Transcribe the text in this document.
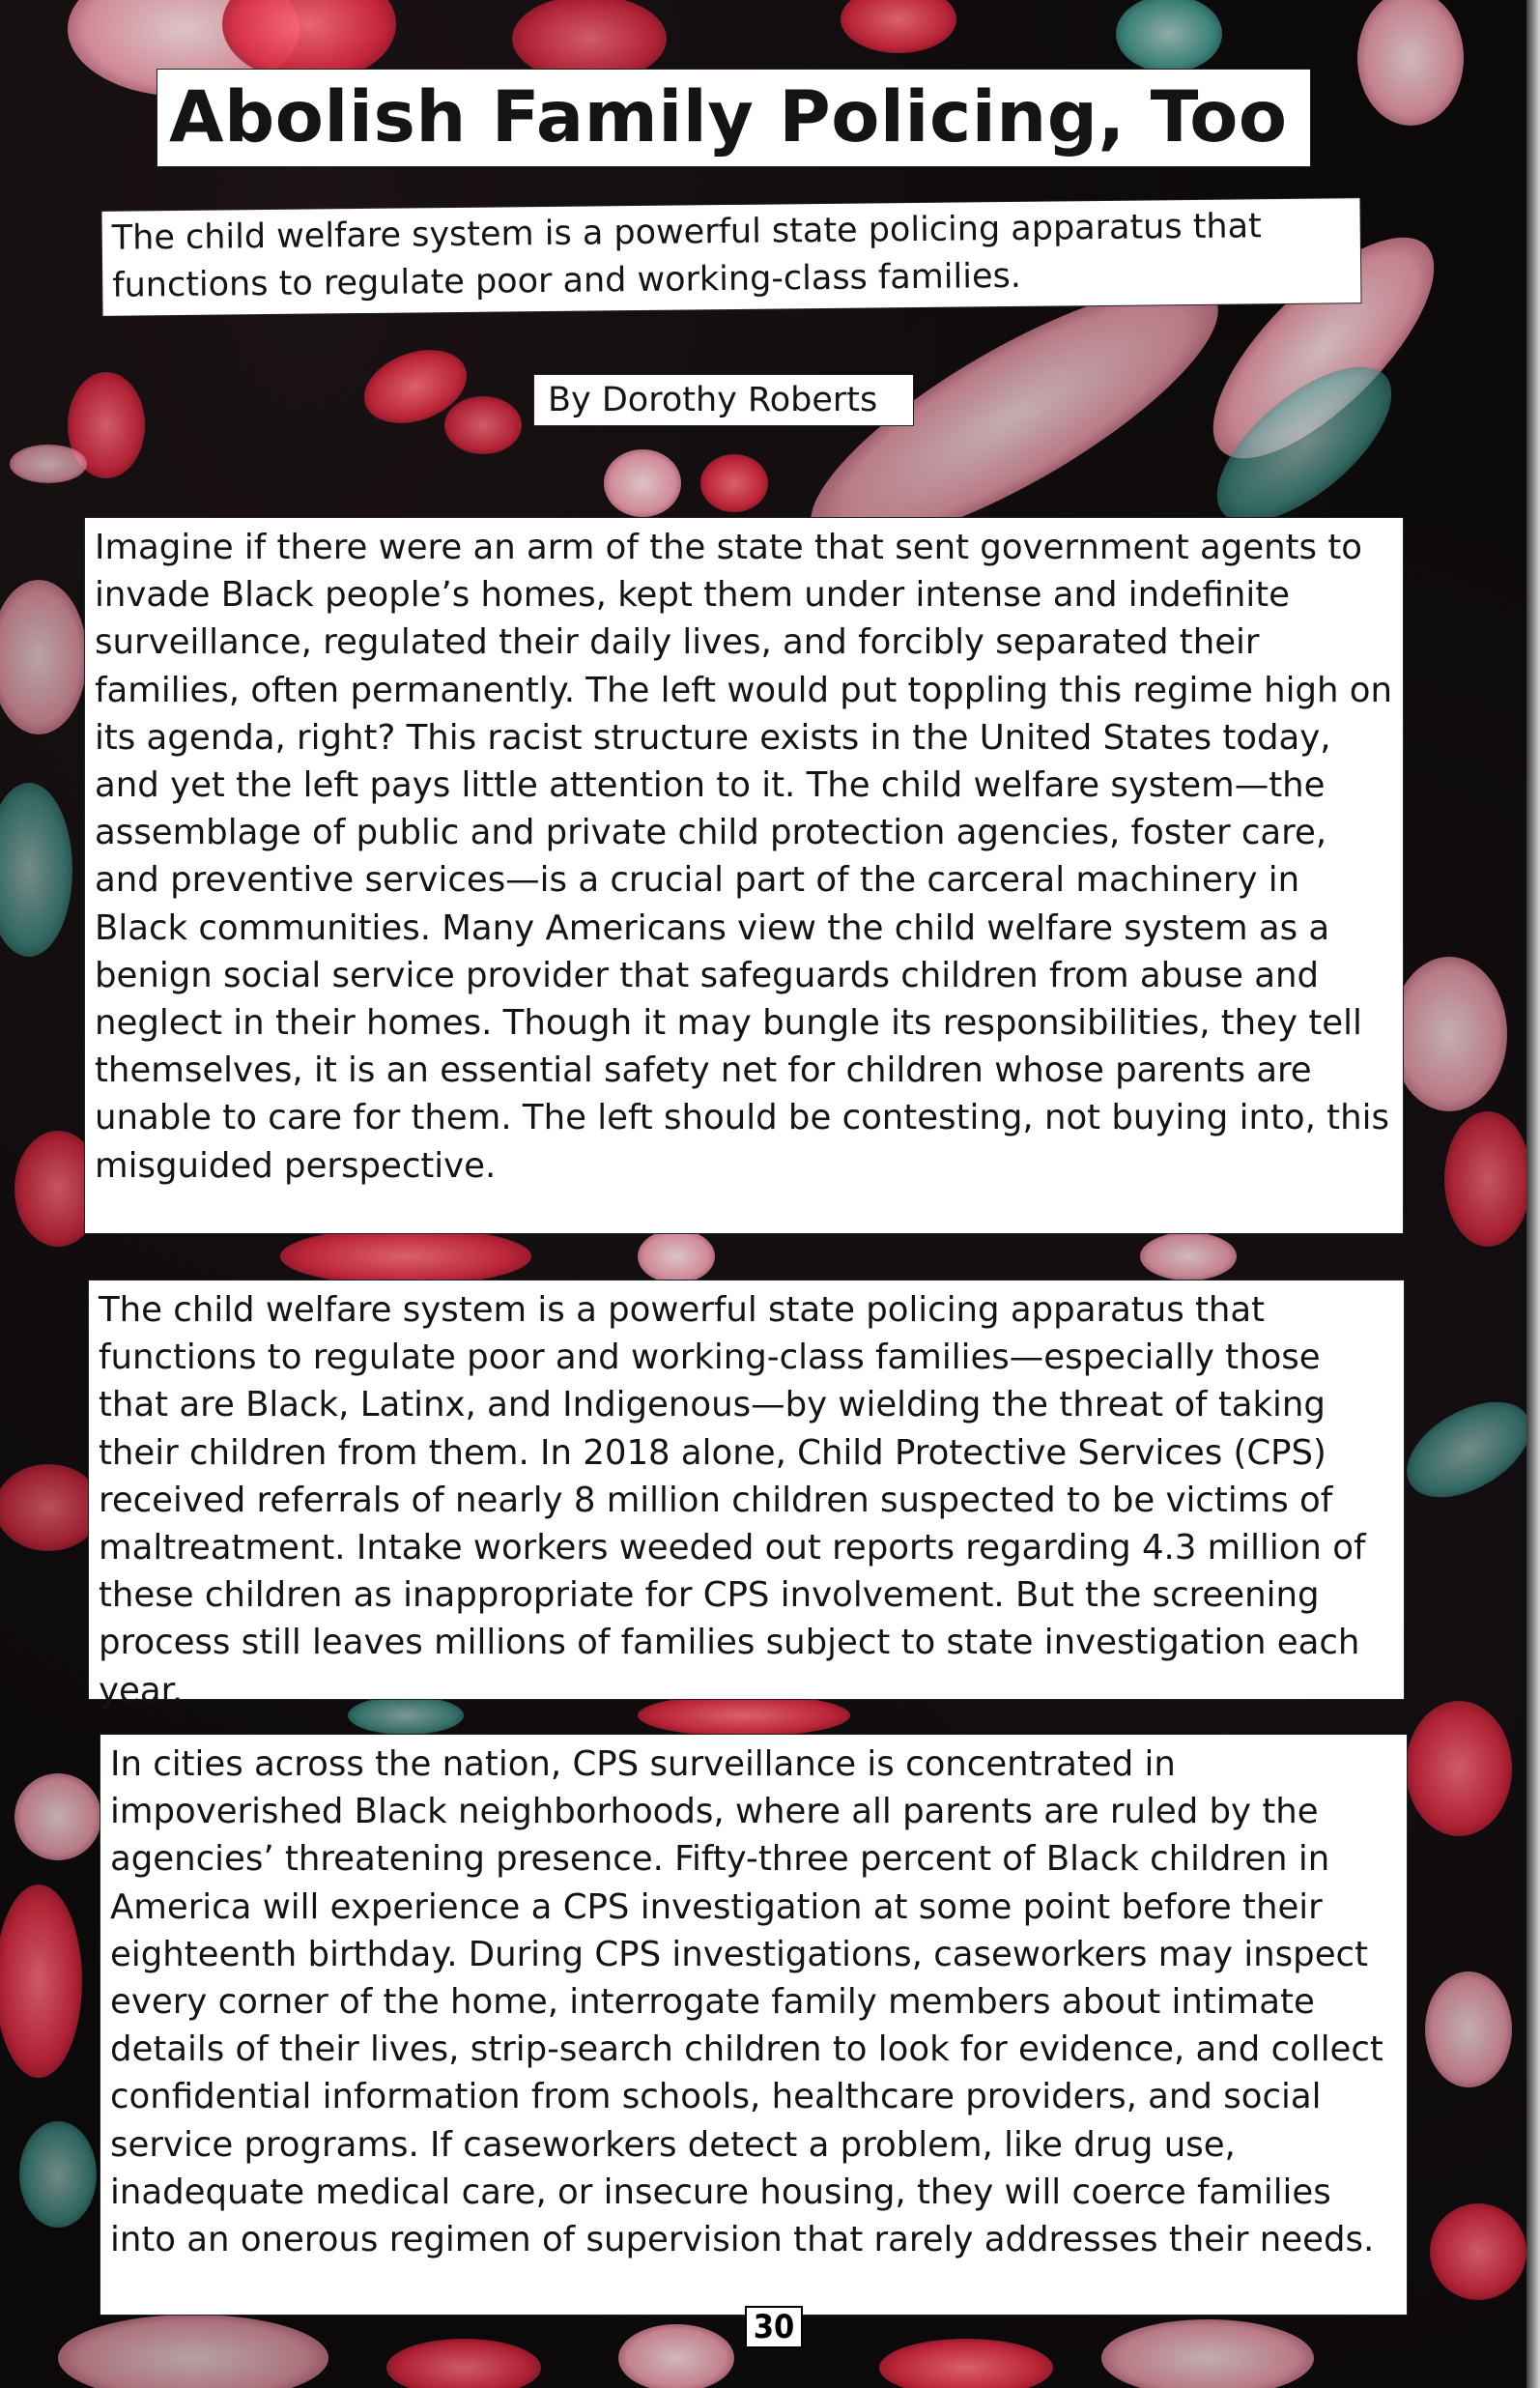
Abolish Family Policing, Too
The child welfare system is a powerful state policing apparatus that functions to regulate poor and working-class families.
By Dorothy Roberts
Imagine if there were an arm of the state that sent government agents to invade Black people’s homes, kept them under intense and indefinite surveillance, regulated their daily lives, and forcibly separated their families, often permanently. The left would put toppling this regime high on its agenda, right? This racist structure exists in the United States today, and yet the left pays little attention to it. The child welfare system—the assemblage of public and private child protection agencies, foster care, and preventive services—is a crucial part of the carceral machinery in Black communities. Many Americans view the child welfare system as a benign social service provider that safeguards children from abuse and neglect in their homes. Though it may bungle its responsibilities, they tell themselves, it is an essential safety net for children whose parents are unable to care for them. The left should be contesting, not buying into, this misguided perspective.
The child welfare system is a powerful state policing apparatus that functions to regulate poor and working-class families—especially those that are Black, Latinx, and Indigenous—by wielding the threat of taking their children from them. In 2018 alone, Child Protective Services (CPS) received referrals of nearly 8 million children suspected to be victims of maltreatment. Intake workers weeded out reports regarding 4.3 million of these children as inappropriate for CPS involvement. But the screening process still leaves millions of families subject to state investigation each year.
In cities across the nation, CPS surveillance is concentrated in impoverished Black neighborhoods, where all parents are ruled by the agencies’ threatening presence. Fifty-three percent of Black children in America will experience a CPS investigation at some point before their eighteenth birthday. During CPS investigations, caseworkers may inspect every corner of the home, interrogate family members about intimate details of their lives, strip-search children to look for evidence, and collect confidential information from schools, healthcare providers, and social service programs. If caseworkers detect a problem, like drug use, inadequate medical care, or insecure housing, they will coerce families into an onerous regimen of supervision that rarely addresses their needs.
30
